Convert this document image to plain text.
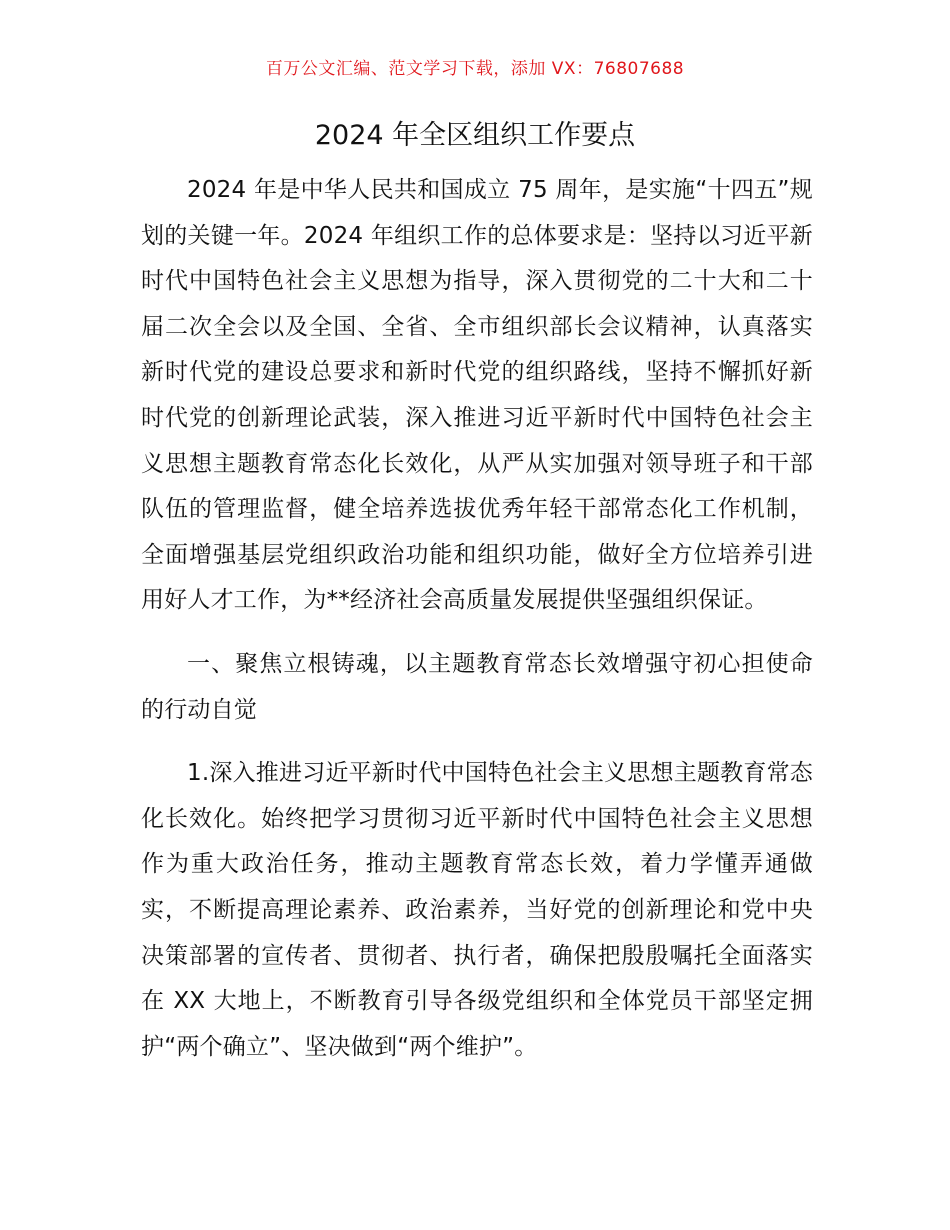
百万公文汇编、范文学习下载，添加 VX：76807688
2024 年全区组织工作要点

2024 年是中华人民共和国成立 75 周年，是实施“十四五”规划的关键一年。2024 年组织工作的总体要求是：坚持以习近平新时代中国特色社会主义思想为指导，深入贯彻党的二十大和二十届二次全会以及全国、全省、全市组织部长会议精神，认真落实新时代党的建设总要求和新时代党的组织路线，坚持不懈抓好新时代党的创新理论武装，深入推进习近平新时代中国特色社会主义思想主题教育常态化长效化，从严从实加强对领导班子和干部队伍的管理监督，健全培养选拔优秀年轻干部常态化工作机制，全面增强基层党组织政治功能和组织功能，做好全方位培养引进用好人才工作，为**经济社会高质量发展提供坚强组织保证。

一、聚焦立根铸魂，以主题教育常态长效增强守初心担使命的行动自觉

1.深入推进习近平新时代中国特色社会主义思想主题教育常态化长效化。始终把学习贯彻习近平新时代中国特色社会主义思想作为重大政治任务，推动主题教育常态长效，着力学懂弄通做实，不断提高理论素养、政治素养，当好党的创新理论和党中央决策部署的宣传者、贯彻者、执行者，确保把殷殷嘱托全面落实在 XX 大地上，不断教育引导各级党组织和全体党员干部坚定拥护“两个确立”、坚决做到“两个维护”。
